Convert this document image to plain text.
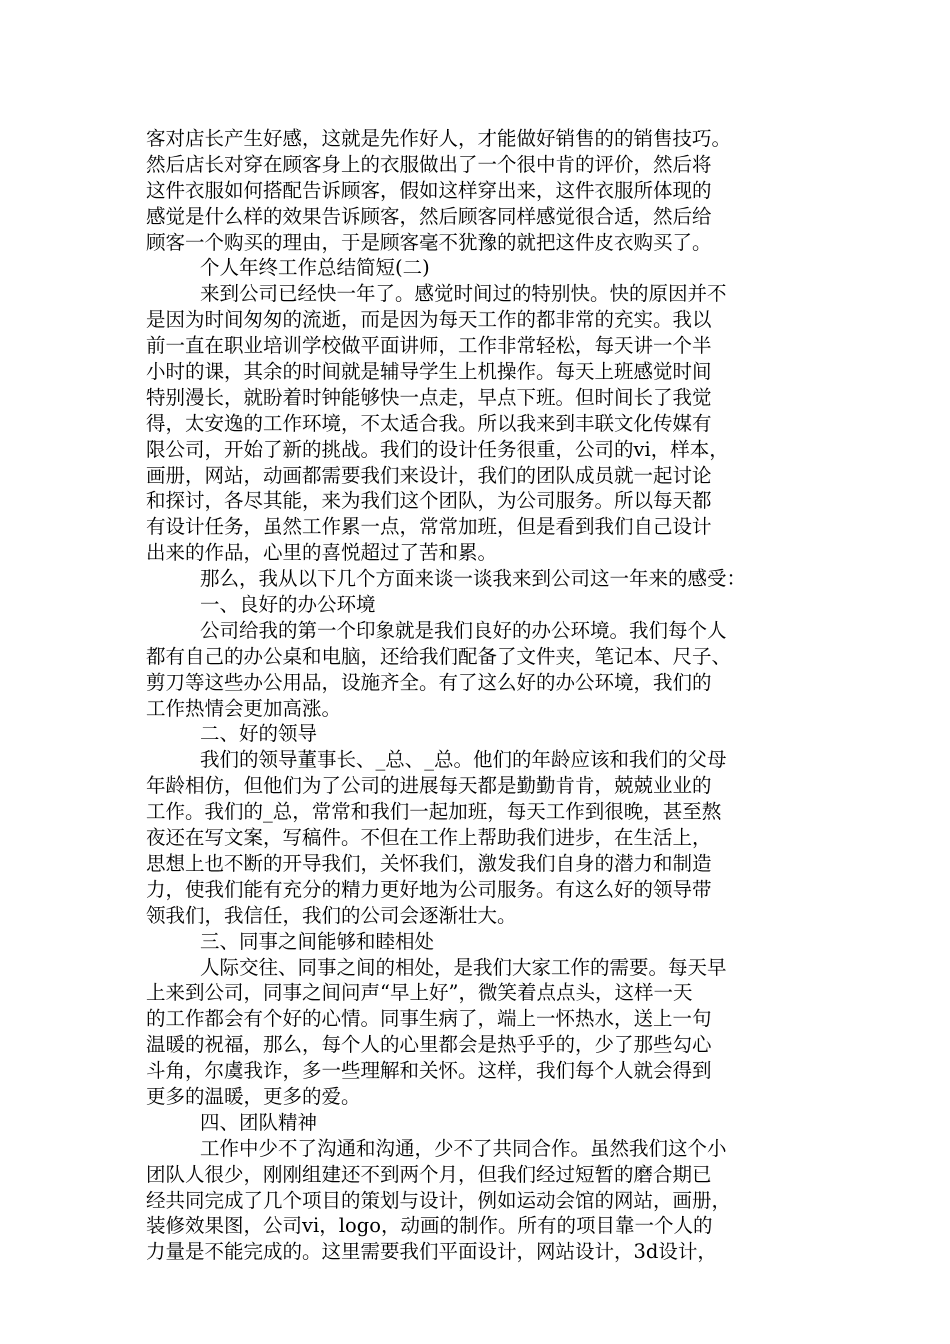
客对店长产生好感，这就是先作好人，才能做好销售的的销售技巧。
然后店长对穿在顾客身上的衣服做出了一个很中肯的评价，然后将
这件衣服如何搭配告诉顾客，假如这样穿出来，这件衣服所体现的
感觉是什么样的效果告诉顾客，然后顾客同样感觉很合适，然后给
顾客一个购买的理由，于是顾客毫不犹豫的就把这件皮衣购买了。
个人年终工作总结简短(二)
来到公司已经快一年了。感觉时间过的特别快。快的原因并不
是因为时间匆匆的流逝，而是因为每天工作的都非常的充实。我以
前一直在职业培训学校做平面讲师，工作非常轻松，每天讲一个半
小时的课，其余的时间就是辅导学生上机操作。每天上班感觉时间
特别漫长，就盼着时钟能够快一点走，早点下班。但时间长了我觉
得，太安逸的工作环境，不太适合我。所以我来到丰联文化传媒有
限公司，开始了新的挑战。我们的设计任务很重，公司的vi，样本，
画册，网站，动画都需要我们来设计，我们的团队成员就一起讨论
和探讨，各尽其能，来为我们这个团队，为公司服务。所以每天都
有设计任务，虽然工作累一点，常常加班，但是看到我们自己设计
出来的作品，心里的喜悦超过了苦和累。
那么，我从以下几个方面来谈一谈我来到公司这一年来的感受：
一、良好的办公环境
公司给我的第一个印象就是我们良好的办公环境。我们每个人
都有自己的办公桌和电脑，还给我们配备了文件夹，笔记本、尺子、
剪刀等这些办公用品，设施齐全。有了这么好的办公环境，我们的
工作热情会更加高涨。
二、好的领导
我们的领导董事长、_总、_总。他们的年龄应该和我们的父母
年龄相仿，但他们为了公司的进展每天都是勤勤肯肯，兢兢业业的
工作。我们的_总，常常和我们一起加班，每天工作到很晚，甚至熬
夜还在写文案，写稿件。不但在工作上帮助我们进步，在生活上，
思想上也不断的开导我们，关怀我们，激发我们自身的潜力和制造
力，使我们能有充分的精力更好地为公司服务。有这么好的领导带
领我们，我信任，我们的公司会逐渐壮大。
三、同事之间能够和睦相处
人际交往、同事之间的相处，是我们大家工作的需要。每天早
上来到公司，同事之间问声“早上好”，微笑着点点头，这样一天
的工作都会有个好的心情。同事生病了，端上一怀热水，送上一句
温暖的祝福，那么，每个人的心里都会是热乎乎的，少了那些勾心
斗角，尔虞我诈，多一些理解和关怀。这样，我们每个人就会得到
更多的温暖，更多的爱。
四、团队精神
工作中少不了沟通和沟通，少不了共同合作。虽然我们这个小
团队人很少，刚刚组建还不到两个月，但我们经过短暂的磨合期已
经共同完成了几个项目的策划与设计，例如运动会馆的网站，画册，
装修效果图，公司vi，logo，动画的制作。所有的项目靠一个人的
力量是不能完成的。这里需要我们平面设计，网站设计，3d设计，
